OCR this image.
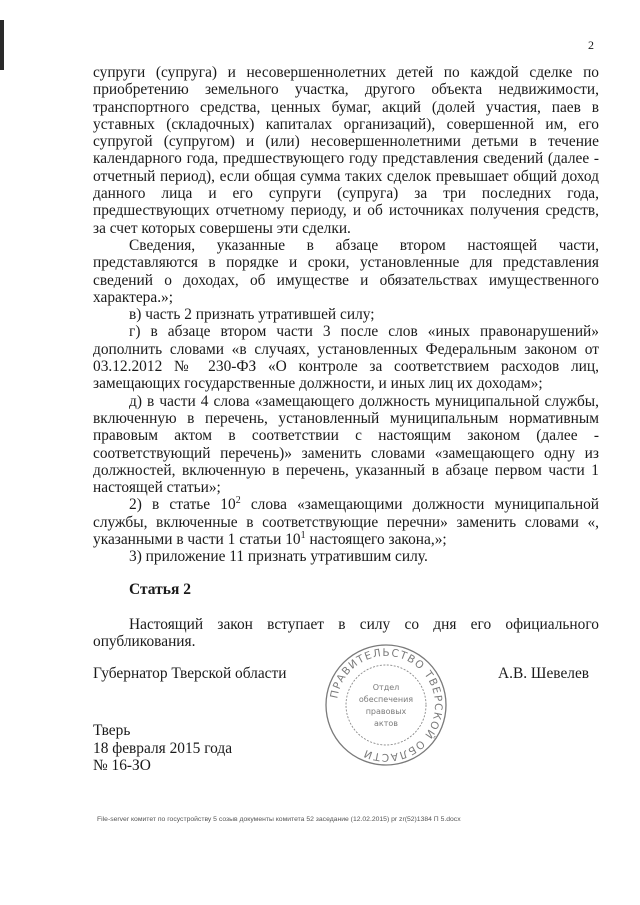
2

супруги (супруга) и несовершеннолетних детей по каждой сделке по приобретению земельного участка, другого объекта недвижимости, транспортного средства, ценных бумаг, акций (долей участия, паев в уставных (складочных) капиталах организаций), совершенной им, его супругой (супругом) и (или) несовершеннолетними детьми в течение календарного года, предшествующего году представления сведений (далее - отчетный период), если общая сумма таких сделок превышает общий доход данного лица и его супруги (супруга) за три последних года, предшествующих отчетному периоду, и об источниках получения средств, за счет которых совершены эти сделки.

Сведения, указанные в абзаце втором настоящей части, представляются в порядке и сроки, установленные для представления сведений о доходах, об имуществе и обязательствах имущественного характера.»;

в) часть 2 признать утратившей силу;

г) в абзаце втором части 3 после слов «иных правонарушений» дополнить словами «в случаях, установленных Федеральным законом от 03.12.2012 № 230-ФЗ «О контроле за соответствием расходов лиц, замещающих государственные должности, и иных лиц их доходам»;

д) в части 4 слова «замещающего должность муниципальной службы, включенную в перечень, установленный муниципальным нормативным правовым актом в соответствии с настоящим законом (далее - соответствующий перечень)» заменить словами «замещающего одну из должностей, включенную в перечень, указанный в абзаце первом части 1 настоящей статьи»;

2) в статье $10^2$ слова «замещающими должности муниципальной службы, включенные в соответствующие перечни» заменить словами «, указанными в части 1 статьи $10^1$ настоящего закона,»;

3) приложение 11 признать утратившим силу.

Статья 2

Настоящий закон вступает в силу со дня его официального опубликования.

Губернатор Тверской области	А.В. Шевелев
ПРАВИТЕЛЬСТВО ТВЕРСКОЙ ОБЛАСТИ
Отдел
обеспечения
правовых
актов
Тверь
18 февраля 2015 года
№ 16-ЗО
File-server комитет по госустройству 5 созыв документы комитета 52 заседание (12.02.2015) pr zr(52)1384 П 5.docx
